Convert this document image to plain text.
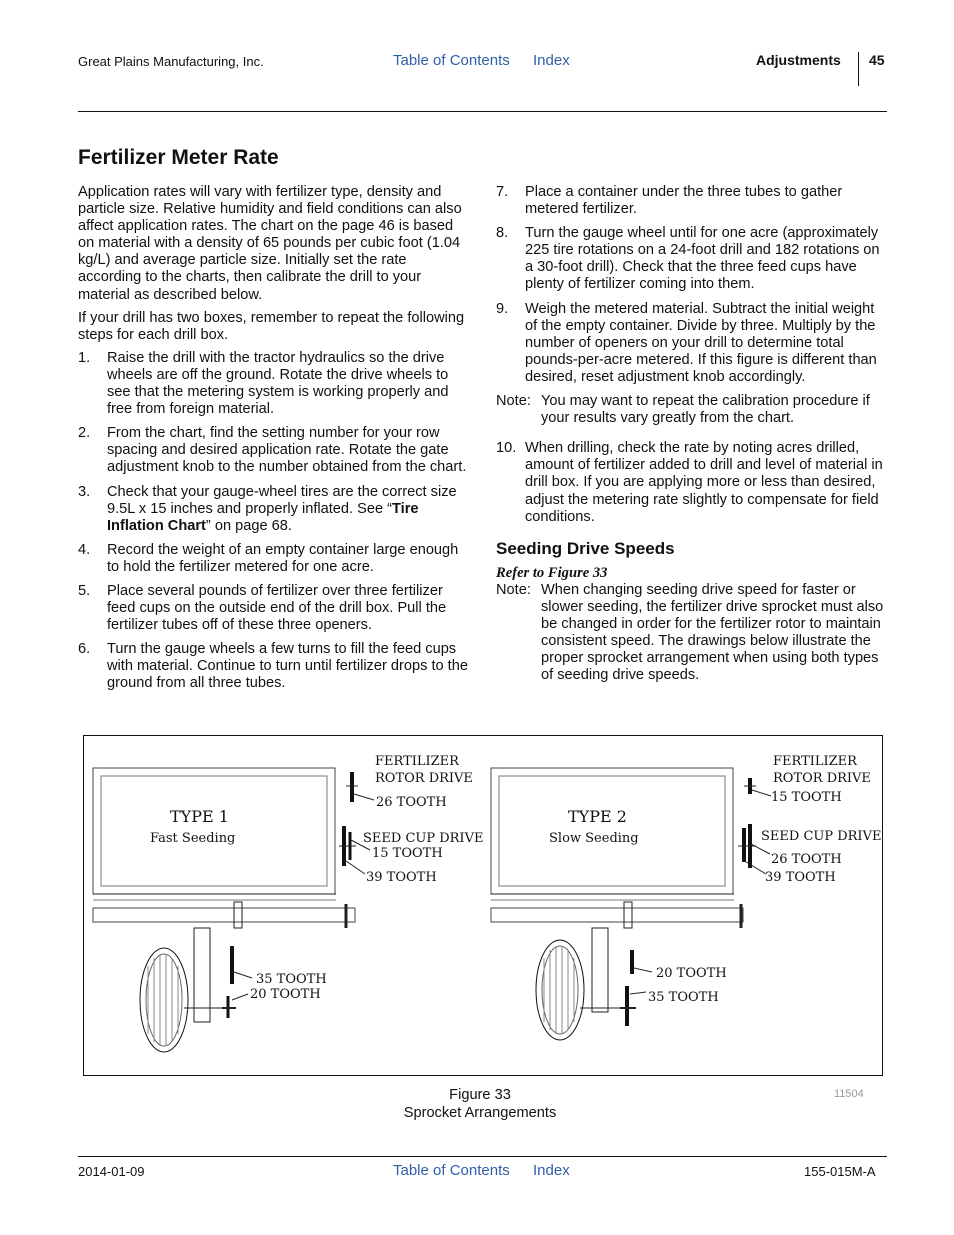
Great Plains Manufacturing, Inc.	Table of Contents Index	Adjustments 45
Fertilizer Meter Rate

Application rates will vary with fertilizer type, density and particle size. Relative humidity and field conditions can also affect application rates. The chart on the page 46 is based on material with a density of 65 pounds per cubic foot (1.04 kg/L) and average particle size. Initially set the rate according to the charts, then calibrate the drill to your material as described below.

If your drill has two boxes, remember to repeat the following steps for each drill box.

1. Raise the drill with the tractor hydraulics so the drive wheels are off the ground. Rotate the drive wheels to see that the metering system is working properly and free from foreign material.
2. From the chart, find the setting number for your row spacing and desired application rate. Rotate the gate adjustment knob to the number obtained from the chart.
3. Check that your gauge-wheel tires are the correct size 9.5L x 15 inches and properly inflated. See “Tire Inflation Chart” on page 68.
4. Record the weight of an empty container large enough to hold the fertilizer metered for one acre.
5. Place several pounds of fertilizer over three fertilizer feed cups on the outside end of the drill box. Pull the fertilizer tubes off of these three openers.
6. Turn the gauge wheels a few turns to fill the feed cups with material. Continue to turn until fertilizer drops to the ground from all three tubes.
7. Place a container under the three tubes to gather metered fertilizer.
8. Turn the gauge wheel until for one acre (approximately 225 tire rotations on a 24-foot drill and 182 rotations on a 30-foot drill). Check that the three feed cups have plenty of fertilizer coming into them.
9. Weigh the metered material. Subtract the initial weight of the empty container. Divide by three. Multiply by the number of openers on your drill to determine total pounds-per-acre metered. If this figure is different than desired, reset adjustment knob accordingly.
Note: You may want to repeat the calibration procedure if your results vary greatly from the chart.
10. When drilling, check the rate by noting acres drilled, amount of fertilizer added to drill and level of material in drill box. If you are applying more or less than desired, adjust the metering rate slightly to compensate for field conditions.
Seeding Drive Speeds
Refer to Figure 33
Note: When changing seeding drive speed for faster or slower seeding, the fertilizer drive sprocket must also be changed in order for the fertilizer rotor to maintain consistent speed. The drawings below illustrate the proper sprocket arrangement when using both types of seeding drive speeds.
TYPE 1
Fast Seeding
FERTILIZER
ROTOR DRIVE
26 TOOTH
SEED CUP DRIVE
15 TOOTH
39 TOOTH
35 TOOTH
20 TOOTH
TYPE 2
Slow Seeding
FERTILIZER
ROTOR DRIVE
15 TOOTH
SEED CUP DRIVE
26 TOOTH
39 TOOTH
20 TOOTH
35 TOOTH
11504
Figure 33
Sprocket Arrangements
2014-01-09	Table of Contents Index	155-015M-A
